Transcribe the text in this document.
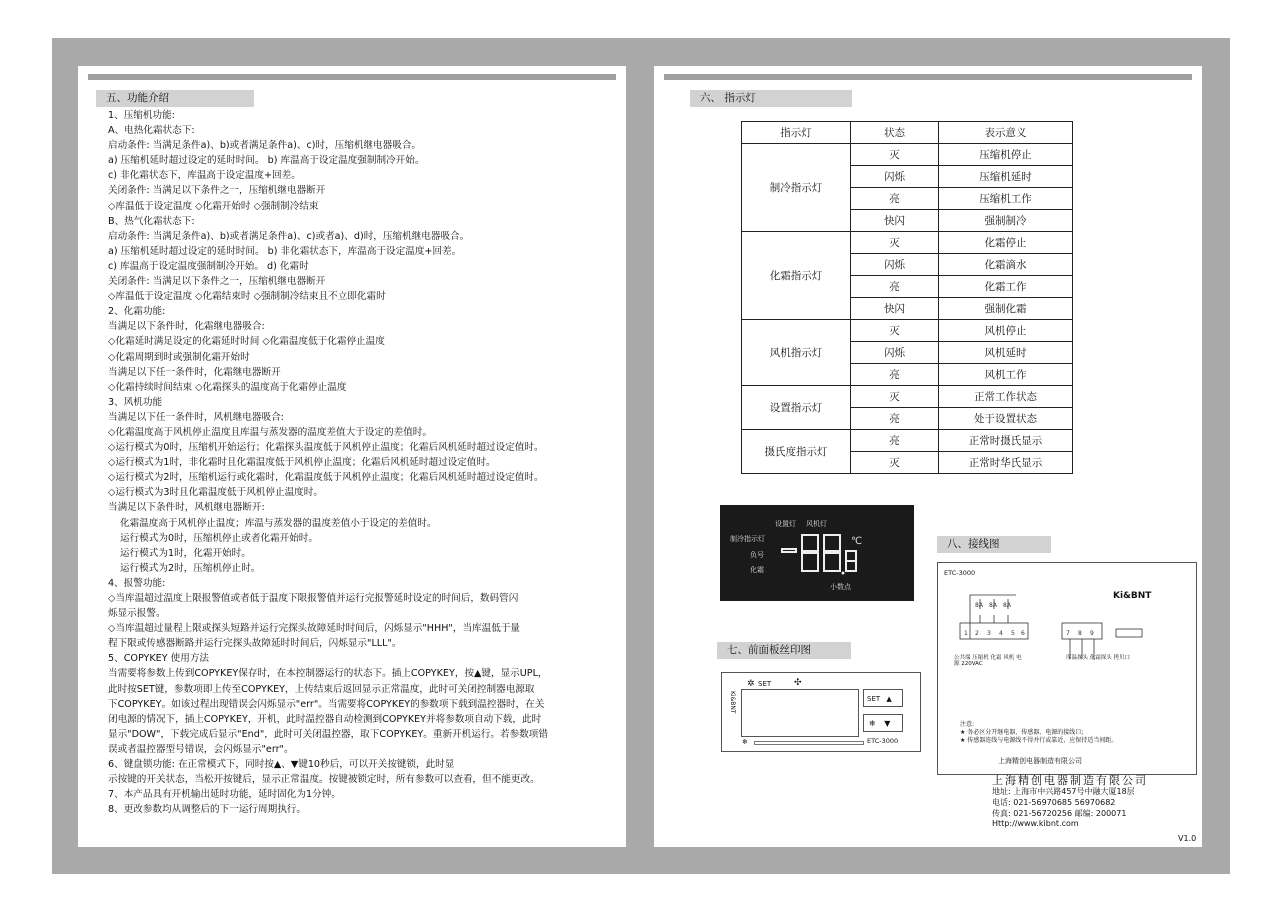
五、功能介绍
1、压缩机功能:
A、电热化霜状态下:
启动条件: 当满足条件a)、b)或者满足条件a)、c)时，压缩机继电器吸合。
a) 压缩机延时超过设定的延时时间。 b) 库温高于设定温度强制制冷开始。
c) 非化霜状态下，库温高于设定温度+回差。
关闭条件: 当满足以下条件之一，压缩机继电器断开
◇库温低于设定温度 ◇化霜开始时 ◇强制制冷结束
B、热气化霜状态下:
启动条件: 当满足条件a)、b)或者满足条件a)、c)或者a)、d)时，压缩机继电器吸合。
a) 压缩机延时超过设定的延时时间。 b) 非化霜状态下，库温高于设定温度+回差。
c) 库温高于设定温度强制制冷开始。 d) 化霜时
关闭条件: 当满足以下条件之一，压缩机继电器断开
◇库温低于设定温度 ◇化霜结束时 ◇强制制冷结束且不立即化霜时
2、化霜功能:
当满足以下条件时，化霜继电器吸合:
◇化霜延时满足设定的化霜延时时间 ◇化霜温度低于化霜停止温度
◇化霜周期到时或强制化霜开始时
当满足以下任一条件时，化霜继电器断开
◇化霜持续时间结束 ◇化霜探头的温度高于化霜停止温度
3、风机功能
当满足以下任一条件时，风机继电器吸合:
◇化霜温度高于风机停止温度且库温与蒸发器的温度差值大于设定的差值时。
◇运行模式为0时，压缩机开始运行；化霜探头温度低于风机停止温度；化霜后风机延时超过设定值时。
◇运行模式为1时，非化霜时且化霜温度低于风机停止温度；化霜后风机延时超过设定值时。
◇运行模式为2时，压缩机运行或化霜时，化霜温度低于风机停止温度；化霜后风机延时超过设定值时。
◇运行模式为3时且化霜温度低于风机停止温度时。
当满足以下条件时，风机继电器断开:
化霜温度高于风机停止温度；库温与蒸发器的温度差值小于设定的差值时。
运行模式为0时，压缩机停止或者化霜开始时。
运行模式为1时，化霜开始时。
运行模式为2时，压缩机停止时。
4、报警功能:
◇当库温超过温度上限报警值或者低于温度下限报警值并运行完报警延时设定的时间后，数码管闪
烁显示报警。
◇当库温超过量程上限或探头短路并运行完探头故障延时时间后，闪烁显示"HHH"，当库温低于量
程下限或传感器断路并运行完探头故障延时时间后，闪烁显示"LLL"。
5、COPYKEY 使用方法
当需要将参数上传到COPYKEY保存时，在本控制器运行的状态下。插上COPYKEY，按▲键，显示UPL，
此时按SET键，参数项即上传至COPYKEY，上传结束后返回显示正常温度，此时可关闭控制器电源取
下COPYKEY。如该过程出现错误会闪烁显示"err"。当需要将COPYKEY的参数项下载到温控器时，在关
闭电源的情况下，插上COPYKEY，开机，此时温控器自动检测到COPYKEY并将参数项自动下载，此时
显示"DOW"，下载完成后显示"End"，此时可关闭温控器，取下COPYKEY。重新开机运行。若参数项错
误或者温控器型号错误，会闪烁显示"err"。
6、键盘锁功能: 在正常模式下，同时按▲、▼键10秒后，可以开关按键锁，此时显
示按键的开关状态，当松开按键后，显示正常温度。按键被锁定时，所有参数可以查看，但不能更改。
7、本产品具有开机输出延时功能，延时固化为1分钟。
8、更改参数均从调整后的下一运行周期执行。
六、 指示灯
指示灯	状态	表示意义
制冷指示灯	灭	压缩机停止
	闪烁	压缩机延时
	亮	压缩机工作
	快闪	强制制冷
化霜指示灯	灭	化霜停止
	闪烁	化霜滴水
	亮	化霜工作
	快闪	强制化霜
风机指示灯	灭	风机停止
	闪烁	风机延时
	亮	风机工作
设置指示灯	灭	正常工作状态
	亮	处于设置状态
摄氏度指示灯	亮	正常时摄氏显示
	灭	正常时华氏显示
设置灯 风机灯
制冷指示灯
负号
化霜
℃
小数点
八、接线图
七、前面板丝印图
✲ SET	✣
Ki&BNT	SET ▲
❄ ▼
❄	ETC-3000
ETC-3000
Ki&BNT
1 2 3 4 5 6	7 8 9
8A 8A 8A
公共端 压缩机 化霜 风机 电源 220VAC
库温探头 化霜探头 拷贝口
注意:
★ 务必区分开继电器、传感器、电源的接线口;
★ 传感器连线与电源线不得并行或靠近，应保持适当间距。
上海精创电器制造有限公司
上海精创电器制造有限公司
地址: 上海市中兴路457号中融大厦18层
电话: 021-56970685 56970682
传真: 021-56720256 邮编: 200071
Http://www.kibnt.com
V1.0
